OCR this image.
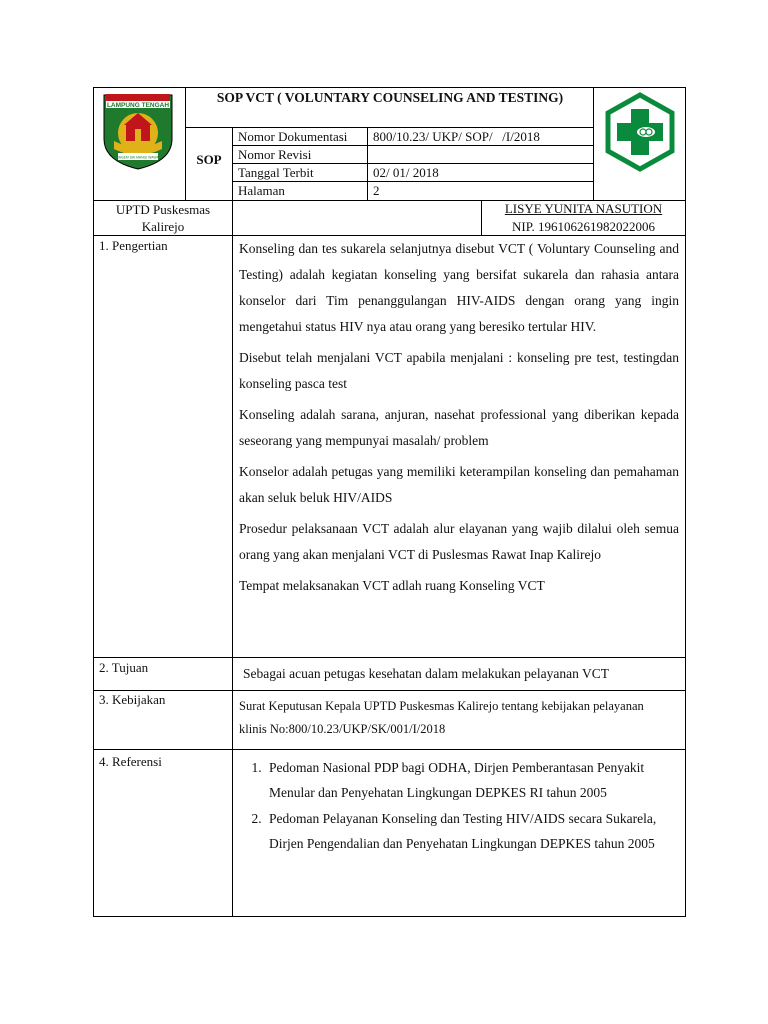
LAMPUNG TENGAH
RAGEM SAI MANGI WAWAI
SOP VCT ( VOLUNTARY COUNSELING AND TESTING)
SOP
Nomor Dokumentasi 800/10.23/ UKP/ SOP/   /I/2018
Nomor Revisi
Tanggal Terbit	02/ 01/ 2018
Halaman	2
UPTD Puskesmas
Kalirejo
LISYE YUNITA NASUTION
NIP. 196106261982022006
1. Pengertian	Konseling dan tes sukarela selanjutnya disebut VCT ( Voluntary Counseling and Testing) adalah kegiatan konseling yang bersifat sukarela dan rahasia antara konselor dari Tim penanggulangan HIV-AIDS dengan orang yang ingin mengetahui status HIV nya atau orang yang beresiko tertular HIV.

Disebut telah menjalani VCT apabila menjalani : konseling pre test, testingdan konseling pasca test

Konseling adalah sarana, anjuran, nasehat professional yang diberikan kepada seseorang yang mempunyai masalah/ problem

Konselor adalah petugas yang memiliki keterampilan konseling dan pemahaman akan seluk beluk HIV/AIDS

Prosedur pelaksanaan VCT adalah alur elayanan yang wajib dilalui oleh semua orang yang akan menjalani VCT di Puslesmas Rawat Inap Kalirejo

Tempat melaksanakan VCT adlah ruang Konseling VCT

2. Tujuan	Sebagai acuan petugas kesehatan dalam melakukan pelayanan VCT
3. Kebijakan	Surat Keputusan Kepala UPTD Puskesmas Kalirejo tentang kebijakan pelayanan klinis No:800/10.23/UKP/SK/001/I/2018
4. Referensi
1.	Pedoman Nasional PDP bagi ODHA, Dirjen Pemberantasan Penyakit Menular dan Penyehatan Lingkungan DEPKES RI tahun 2005
2. Pedoman Pelayanan Konseling dan Testing HIV/AIDS secara Sukarela, Dirjen Pengendalian dan Penyehatan Lingkungan DEPKES tahun 2005
